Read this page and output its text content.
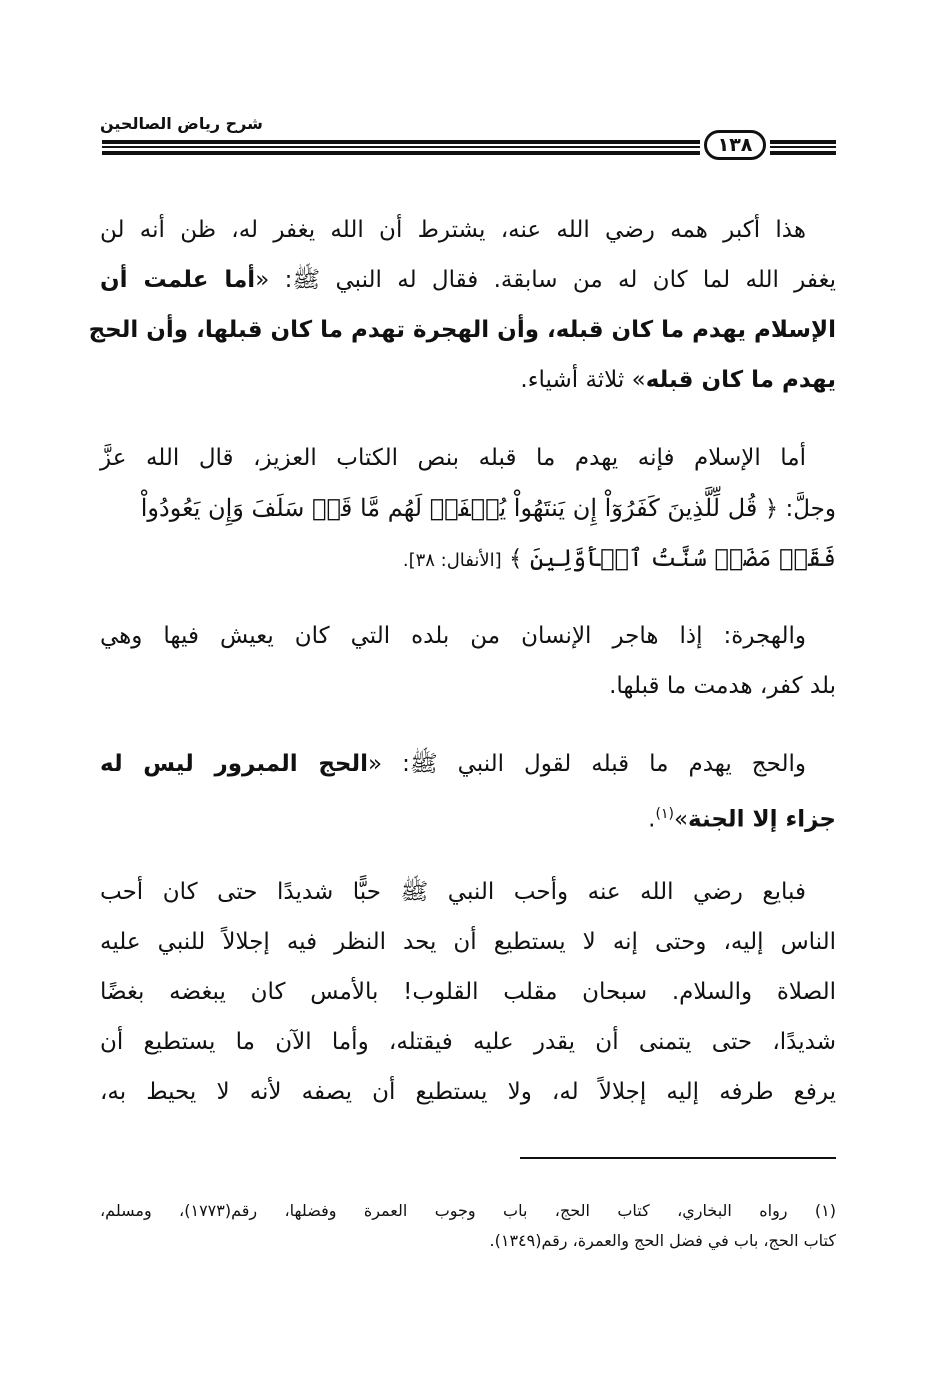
شرح رياض الصالحين
١٣٨
هذا أكبر همه رضي الله عنه، يشترط أن الله يغفر له، ظن أنه لن
يغفر الله لما كان له من سابقة. فقال له النبي ﷺ: «أما علمت أن
الإسلام يهدم ما كان قبله، وأن الهجرة تهدم ما كان قبلها، وأن الحج
يهدم ما كان قبله» ثلاثة أشياء.
أما الإسلام فإنه يهدم ما قبله بنص الكتاب العزيز، قال الله عزَّ
وجلَّ: ﴿ قُل لِّلَّذِينَ كَفَرُوٓاْ إِن يَنتَهُواْ يُغۡفَرۡ لَهُم مَّا قَدۡ سَلَفَ وَإِن يَعُودُواْ
فَقَدۡ مَضَتۡ سُنَّتُ ٱلۡأَوَّلِينَ ﴾ [الأنفال: ٣٨].
والهجرة: إذا هاجر الإنسان من بلده التي كان يعيش فيها وهي
بلد كفر، هدمت ما قبلها.
والحج يهدم ما قبله لقول النبي ﷺ: «الحج المبرور ليس له
جزاء إلا الجنة»$^{(١)}$.
فبايع رضي الله عنه وأحب النبي ﷺ حبًّا شديدًا حتى كان أحب
الناس إليه، وحتى إنه لا يستطيع أن يحد النظر فيه إجلالاً للنبي عليه
الصلاة والسلام. سبحان مقلب القلوب! بالأمس كان يبغضه بغضًا
شديدًا، حتى يتمنى أن يقدر عليه فيقتله، وأما الآن ما يستطيع أن
يرفع طرفه إليه إجلالاً له، ولا يستطيع أن يصفه لأنه لا يحيط به،
(١) رواه البخاري، كتاب الحج، باب وجوب العمرة وفضلها، رقم(١٧٧٣)، ومسلم،
كتاب الحج، باب في فضل الحج والعمرة، رقم(١٣٤٩).
